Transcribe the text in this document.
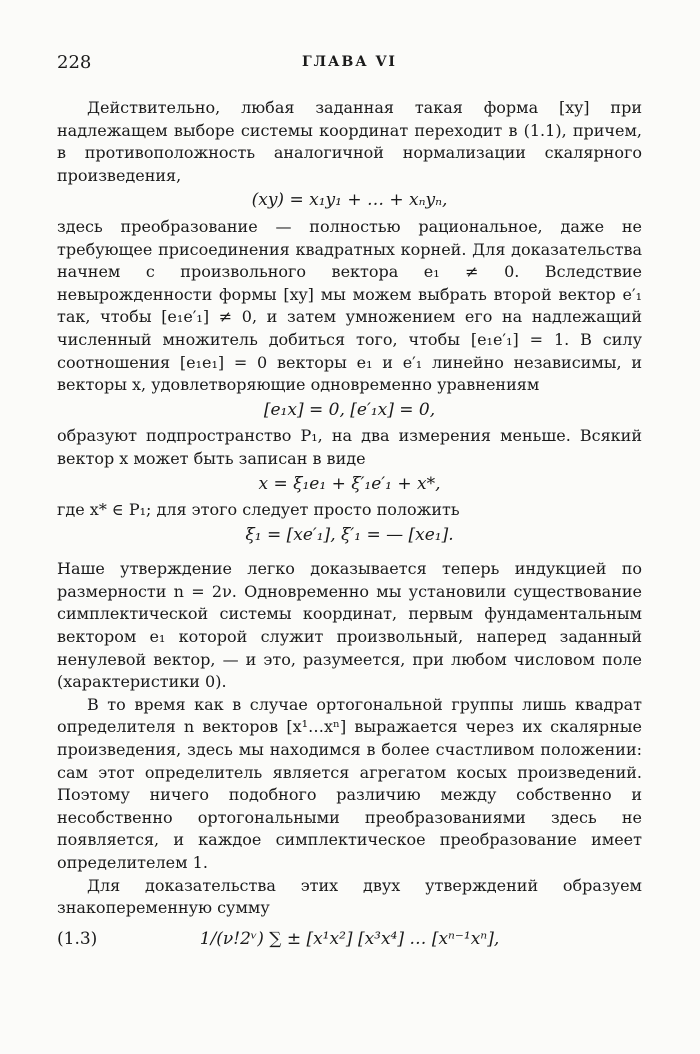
228	ГЛАВА VI

Действительно, любая заданная такая форма [xy] при надлежащем выборе системы координат переходит в (1.1), причем, в противоположность аналогичной нормализации скалярного произведения,

(xy) = x₁y₁ + … + xₙyₙ,

здесь преобразование — полностью рациональное, даже не требующее присоединения квадратных корней. Для доказательства начнем с произвольного вектора e₁ ≠ 0. Вследствие невырожденности формы [xy] мы можем выбрать второй вектор e′₁ так, чтобы [e₁e′₁] ≠ 0, и затем умножением его на надлежащий численный множитель добиться того, чтобы [e₁e′₁] = 1. В силу соотношения [e₁e₁] = 0 векторы e₁ и e′₁ линейно независимы, и векторы x, удовлетворяющие одновременно уравнениям

[e₁x] = 0, [e′₁x] = 0,

образуют подпространство P₁, на два измерения меньше. Всякий вектор x может быть записан в виде

x = ξ₁e₁ + ξ′₁e′₁ + x*,

где x* ∈ P₁; для этого следует просто положить

ξ₁ = [xe′₁], ξ′₁ = — [xe₁].

Наше утверждение легко доказывается теперь индукцией по размерности n = 2ν. Одновременно мы установили существование симплектической системы координат, первым фундаментальным вектором e₁ которой служит произвольный, наперед заданный ненулевой вектор, — и это, разумеется, при любом числовом поле (характеристики 0).

В то время как в случае ортогональной группы лишь квадрат определителя n векторов [x¹…xⁿ] выражается через их скалярные произведения, здесь мы находимся в более счастливом положении: сам этот определитель является агрегатом косых произведений. Поэтому ничего подобного различию между собственно и несобственно ортогональными преобразованиями здесь не появляется, и каждое симплектическое преобразование имеет определителем 1.

Для доказательства этих двух утверждений образуем знакопеременную сумму

(1.3)	1/(ν!2ᵛ) ∑ ± [x¹x²] [x³x⁴] … [xⁿ⁻¹xⁿ],
